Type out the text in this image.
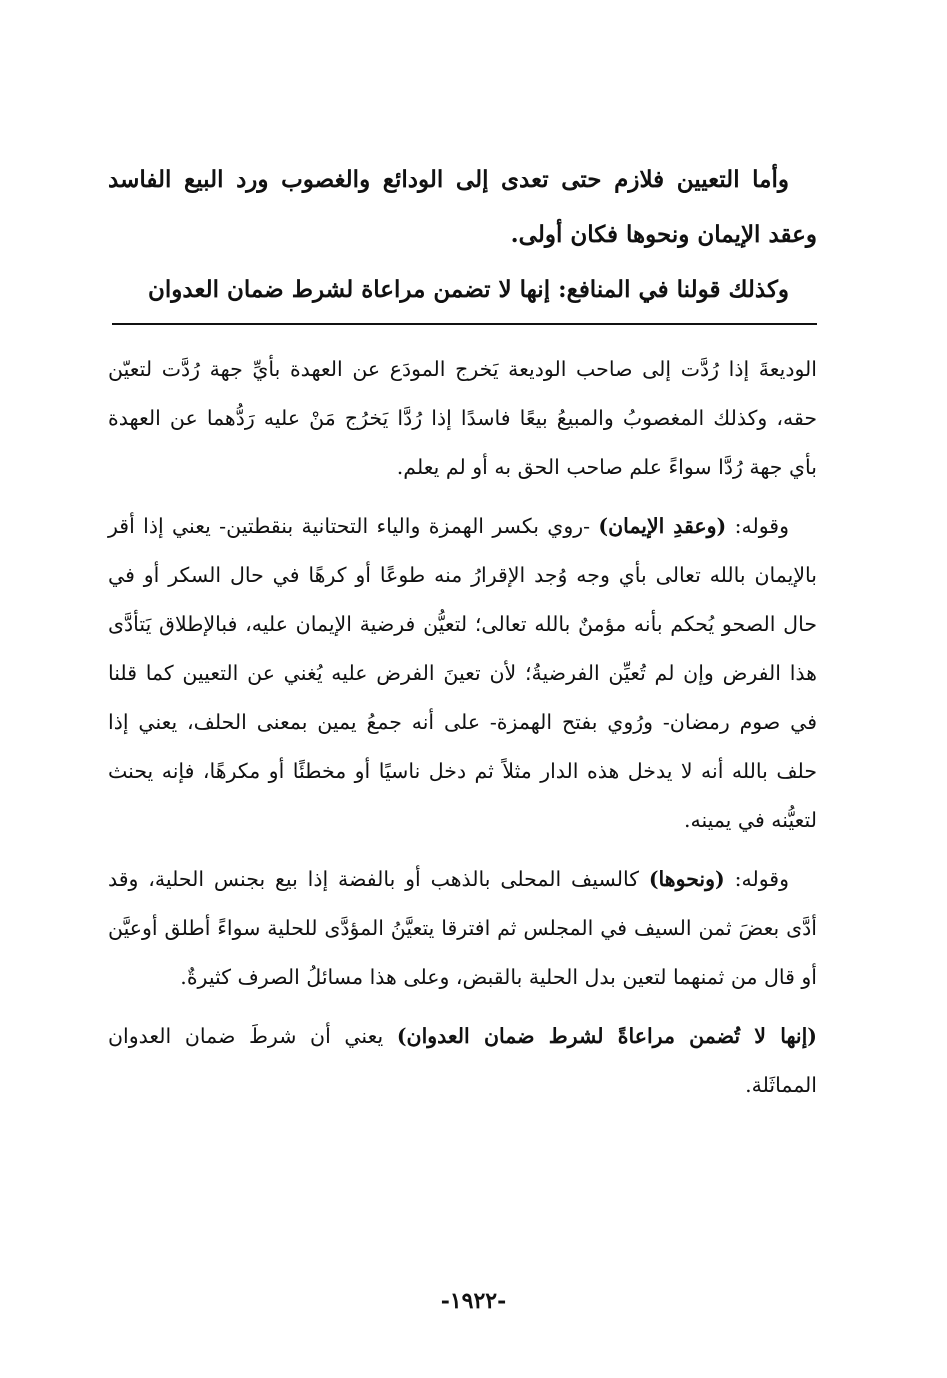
وأما التعيين فلازم حتى تعدى إلى الودائع والغصوب ورد البيع الفاسد وعقد الإيمان ونحوها فكان أولى.

وكذلك قولنا في المنافع: إنها لا تضمن مراعاة لشرط ضمان العدوان

الوديعةَ إذا رُدَّت إلى صاحب الوديعة يَخرج المودَع عن العهدة بأيِّ جهة رُدَّت لتعيّن حقه، وكذلك المغصوبُ والمبيعُ بيعًا فاسدًا إذا رُدَّا يَخرُج مَنْ عليه رَدُّهما عن العهدة بأي جهة رُدَّا سواءً علم صاحب الحق به أو لم يعلم.

وقوله: (وعقدِ الإيمان) -روي بكسر الهمزة والياء التحتانية بنقطتين- يعني إذا أقر بالإيمان بالله تعالى بأي وجه وُجد الإقرارُ منه طوعًا أو كرهًا في حال السكر أو في حال الصحو يُحكم بأنه مؤمنٌ بالله تعالى؛ لتعيُّن فرضية الإيمان عليه، فبالإطلاق يَتأدَّى هذا الفرض وإن لم تُعيِّن الفرضيةُ؛ لأن تعينَ الفرض عليه يُغني عن التعيين كما قلنا في صوم رمضان- ورُوي بفتح الهمزة- على أنه جمعُ يمين بمعنى الحلف، يعني إذا حلف بالله أنه لا يدخل هذه الدار مثلاً ثم دخل ناسيًا أو مخطئًا أو مكرهًا، فإنه يحنث لتعيُّنه في يمينه.

وقوله: (ونحوها) كالسيف المحلى بالذهب أو بالفضة إذا بيع بجنس الحلية، وقد أدَّى بعضَ ثمن السيف في المجلس ثم افترقا يتعيَّنُ المؤدَّى للحلية سواءً أطلق أوعيَّن أو قال من ثمنهما لتعين بدل الحلية بالقبض، وعلى هذا مسائلُ الصرف كثيرةٌ.

(إنها لا تُضمن مراعاةً لشرط ضمان العدوان) يعني أن شرطَ ضمان العدوان المماثَلة.

-١٩٢٢-
